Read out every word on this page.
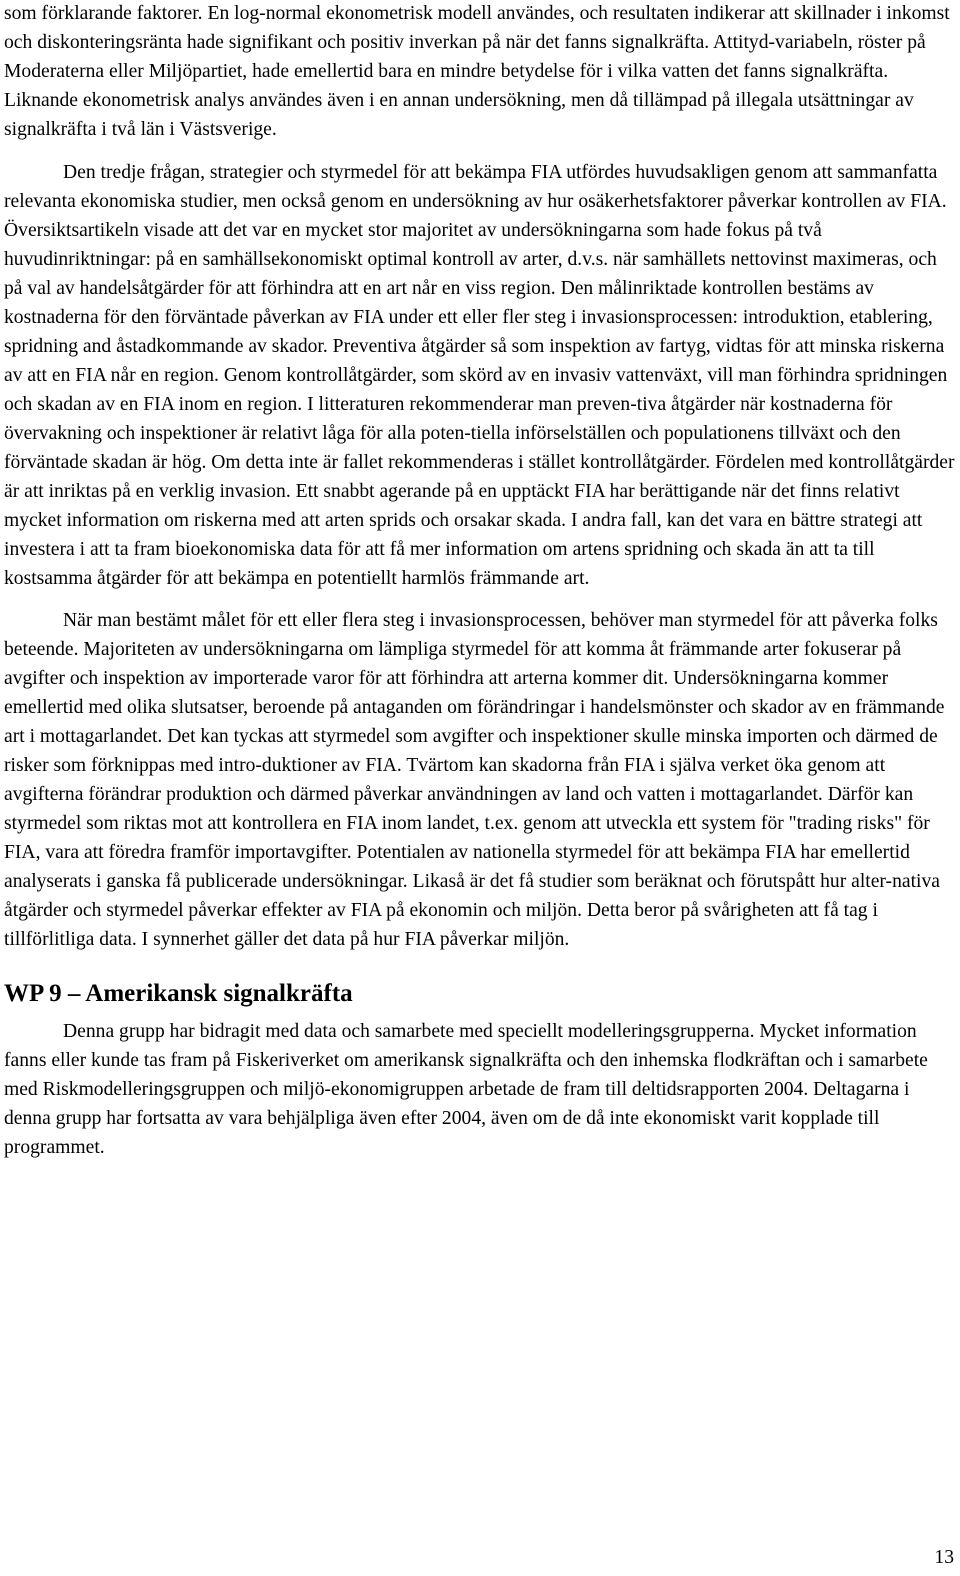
som förklarande faktorer. En log-normal ekonometrisk modell användes, och resultaten indikerar att skillnader i inkomst och diskonteringsränta hade signifikant och positiv inverkan på när det fanns signalkräfta. Attityd-variabeln, röster på Moderaterna eller Miljöpartiet, hade emellertid bara en mindre betydelse för i vilka vatten det fanns signalkräfta. Liknande ekonometrisk analys användes även i en annan undersökning, men då tillämpad på illegala utsättningar av signalkräfta i två län i Västsverige.

Den tredje frågan, strategier och styrmedel för att bekämpa FIA utfördes huvudsakligen genom att sammanfatta relevanta ekonomiska studier, men också genom en undersökning av hur osäkerhetsfaktorer påverkar kontrollen av FIA. Översiktsartikeln visade att det var en mycket stor majoritet av undersökningarna som hade fokus på två huvudinriktningar: på en samhällsekonomiskt optimal kontroll av arter, d.v.s. när samhällets nettovinst maximeras, och på val av handelsåtgärder för att förhindra att en art når en viss region. Den målinriktade kontrollen bestäms av kostnaderna för den förväntade påverkan av FIA under ett eller fler steg i invasionsprocessen: introduktion, etablering, spridning and åstadkommande av skador. Preventiva åtgärder så som inspektion av fartyg, vidtas för att minska riskerna av att en FIA når en region. Genom kontrollåtgärder, som skörd av en invasiv vattenväxt, vill man förhindra spridningen och skadan av en FIA inom en region. I litteraturen rekommenderar man preven-tiva åtgärder när kostnaderna för övervakning och inspektioner är relativt låga för alla poten-tiella införselställen och populationens tillväxt och den förväntade skadan är hög. Om detta inte är fallet rekommenderas i stället kontrollåtgärder. Fördelen med kontrollåtgärder är att inriktas på en verklig invasion. Ett snabbt agerande på en upptäckt FIA har berättigande när det finns relativt mycket information om riskerna med att arten sprids och orsakar skada. I andra fall, kan det vara en bättre strategi att investera i att ta fram bioekonomiska data för att få mer information om artens spridning och skada än att ta till kostsamma åtgärder för att bekämpa en potentiellt harmlös främmande art.

När man bestämt målet för ett eller flera steg i invasionsprocessen, behöver man styrmedel för att påverka folks beteende. Majoriteten av undersökningarna om lämpliga styrmedel för att komma åt främmande arter fokuserar på avgifter och inspektion av importerade varor för att förhindra att arterna kommer dit. Undersökningarna kommer emellertid med olika slutsatser, beroende på antaganden om förändringar i handelsmönster och skador av en främmande art i mottagarlandet. Det kan tyckas att styrmedel som avgifter och inspektioner skulle minska importen och därmed de risker som förknippas med intro-duktioner av FIA. Tvärtom kan skadorna från FIA i själva verket öka genom att avgifterna förändrar produktion och därmed påverkar användningen av land och vatten i mottagarlandet. Därför kan styrmedel som riktas mot att kontrollera en FIA inom landet, t.ex. genom att utveckla ett system för "trading risks" för FIA, vara att föredra framför importavgifter. Potentialen av nationella styrmedel för att bekämpa FIA har emellertid analyserats i ganska få publicerade undersökningar. Likaså är det få studier som beräknat och förutspått hur alter-nativa åtgärder och styrmedel påverkar effekter av FIA på ekonomin och miljön. Detta beror på svårigheten att få tag i tillförlitliga data. I synnerhet gäller det data på hur FIA påverkar miljön.

WP 9 – Amerikansk signalkräfta

Denna grupp har bidragit med data och samarbete med speciellt modelleringsgrupperna. Mycket information fanns eller kunde tas fram på Fiskeriverket om amerikansk signalkräfta och den inhemska flodkräftan och i samarbete med Riskmodelleringsgruppen och miljö-ekonomigruppen arbetade de fram till deltidsrapporten 2004. Deltagarna i denna grupp har fortsatta av vara behjälpliga även efter 2004, även om de då inte ekonomiskt varit kopplade till programmet.

13
